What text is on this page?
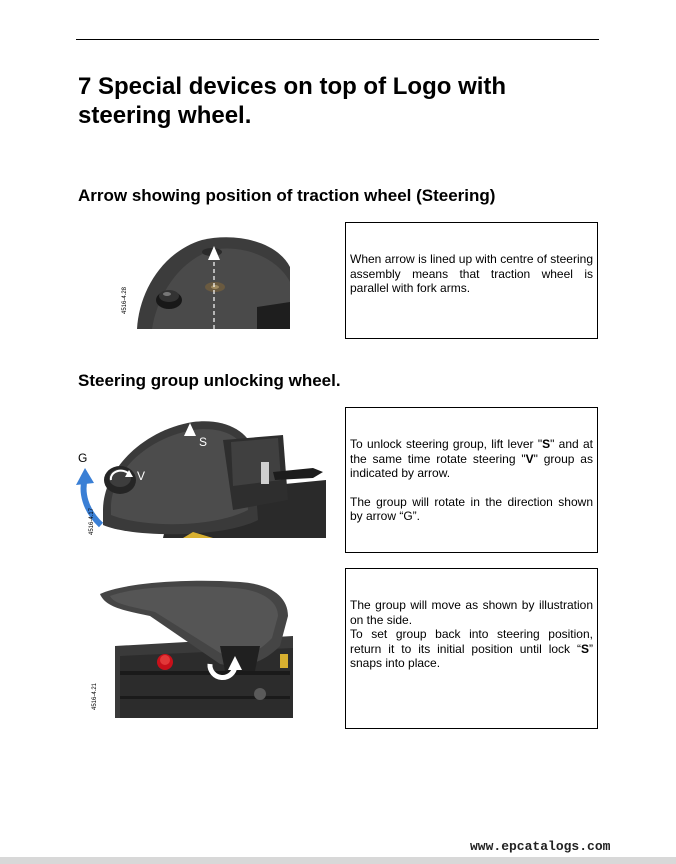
7 Special devices on top of Logo with steering wheel.
Arrow showing position of traction wheel (Steering)
4516-4.28

When arrow is lined up with centre of steering assembly means that traction wheel is parallel with fork arms.

Steering group unlocking wheel.
G
V
S
4516-4.17

To unlock steering group, lift lever "S" and at the same time rotate steering "V" group as indicated by arrow.

The group will rotate in the direction shown by arrow “G”.

4516-4.21

The group will move as shown by illustration on the side.
To set group back into steering position, return it to its initial position until lock “S” snaps into place.

www.epcatalogs.com
